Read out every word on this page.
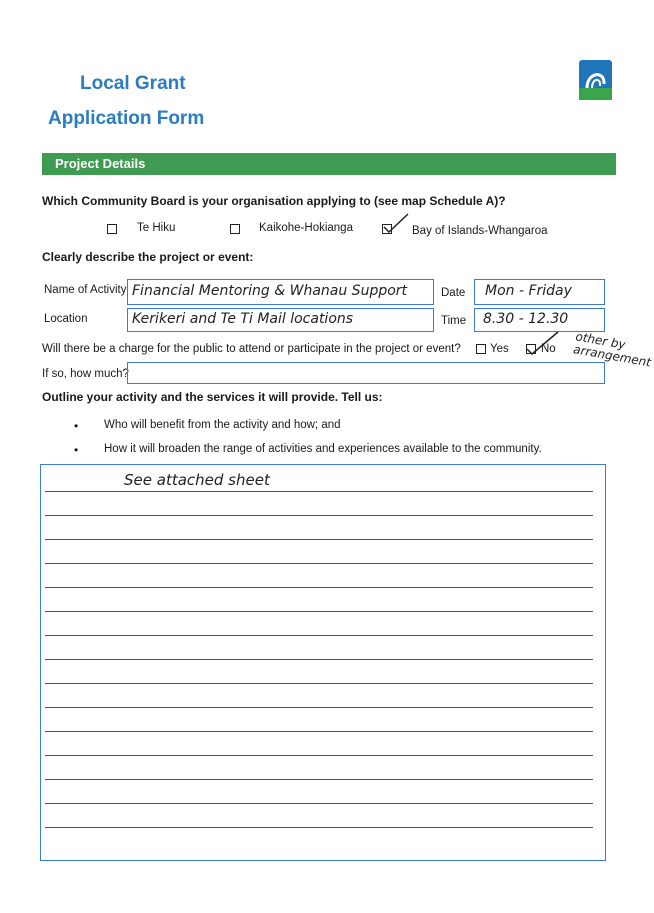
Local Grant
Application Form
Project Details
Which Community Board is your organisation applying to (see map Schedule A)?
Te Hiku	Kaikohe-Hokianga	Bay of Islands-Whangaroa
Clearly describe the project or event:
Name of Activity Financial Mentoring & Whanau Support	Date Mon - Friday
Location	Kerikeri and Te Ti Mail locations	Time 8.30 - 12.30
Will there be a charge for the public to attend or participate in the project or event?	Yes	No other by arrangement
If so, how much?
Outline your activity and the services it will provide. Tell us:
• Who will benefit from the activity and how; and
• How it will broaden the range of activities and experiences available to the community.
See attached sheet
